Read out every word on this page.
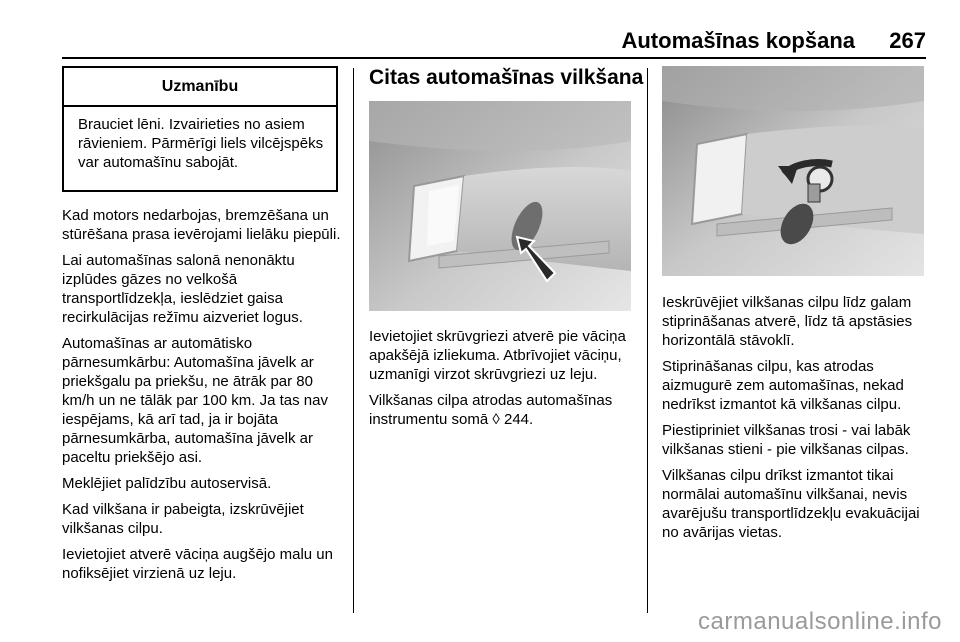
Automašīnas kopšana 267
Uzmanību
Brauciet lēni. Izvairieties no asiem rāvieniem. Pārmērīgi liels vilcējspēks var automašīnu sabojāt.

Kad motors nedarbojas, bremzēšana un stūrēšana prasa ievērojami lielāku piepūli.

Lai automašīnas salonā nenonāktu izplūdes gāzes no velkošā transportlīdzekļa, ieslēdziet gaisa recirkulācijas režīmu aizveriet logus.

Automašīnas ar automātisko pārnesumkārbu: Automašīna jāvelk ar priekšgalu pa priekšu, ne ātrāk par 80 km/h un ne tālāk par 100 km. Ja tas nav iespējams, kā arī tad, ja ir bojāta pārnesumkārba, automašīna jāvelk ar paceltu priekšējo asi.

Meklējiet palīdzību autoservisā.

Kad vilkšana ir pabeigta, izskrūvējiet vilkšanas cilpu.

Ievietojiet atverē vāciņa augšējo malu un nofiksējiet virzienā uz leju.

Citas automašīnas vilkšana

Ievietojiet skrūvgriezi atverē pie vāciņa apakšējā izliekuma. Atbrīvojiet vāciņu, uzmanīgi virzot skrūvgriezi uz leju.

Vilkšanas cilpa atrodas automašīnas instrumentu somā ◊ 244.

Ieskrūvējiet vilkšanas cilpu līdz galam stiprināšanas atverē, līdz tā apstāsies horizontālā stāvoklī.

Stiprināšanas cilpu, kas atrodas aizmugurē zem automašīnas, nekad nedrīkst izmantot kā vilkšanas cilpu.

Piestipriniet vilkšanas trosi - vai labāk vilkšanas stieni - pie vilkšanas cilpas.

Vilkšanas cilpu drīkst izmantot tikai normālai automašīnu vilkšanai, nevis avarējušu transportlīdzekļu evakuācijai no avārijas vietas.

carmanualsonline.info
